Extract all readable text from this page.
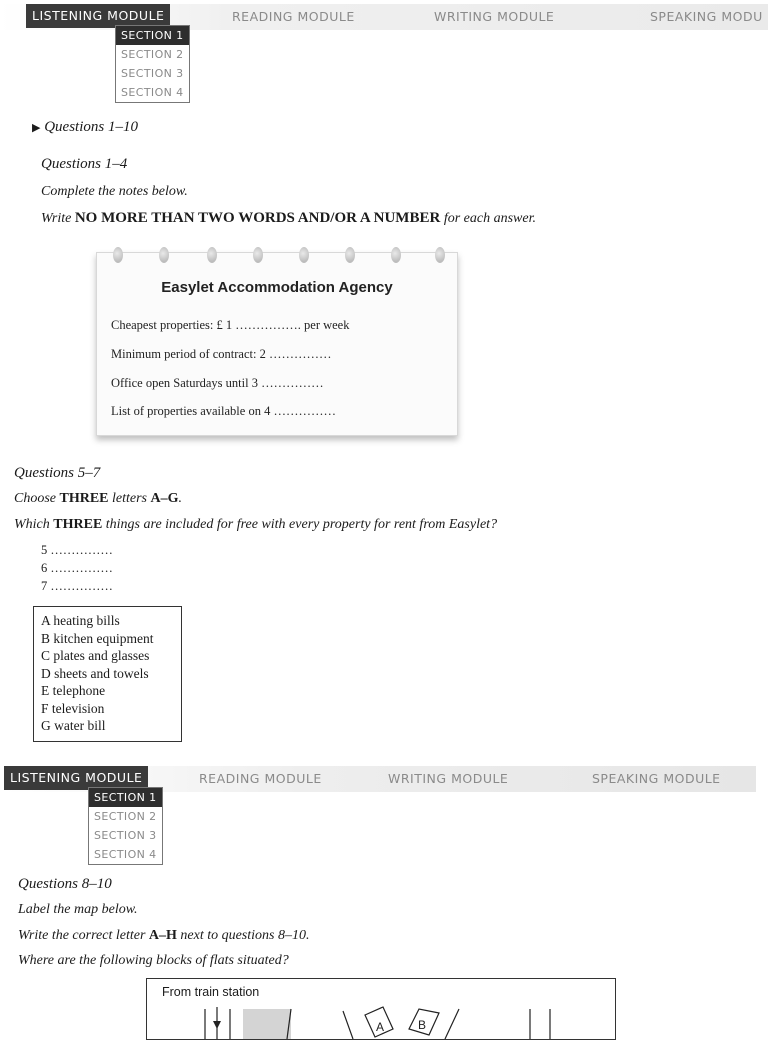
LISTENING MODULE	READING MODULE	WRITING MODULE	SPEAKING MODU
SECTION 1
SECTION 2
SECTION 3
SECTION 4
▶ Questions 1–10
Questions 1–4
Complete the notes below.
Write NO MORE THAN TWO WORDS AND/OR A NUMBER for each answer.
Easylet Accommodation Agency
Cheapest properties: £ 1 ……………. per week
Minimum period of contract: 2 ……………
Office open Saturdays until 3 ……………
List of properties available on 4 ……………
Questions 5–7
Choose THREE letters A–G.
Which THREE things are included for free with every property for rent from Easylet?
5 ……………
6 ……………
7 ……………
A heating bills
B kitchen equipment
C plates and glasses
D sheets and towels
E telephone
F television
G water bill
LISTENING MODULE	READING MODULE	WRITING MODULE	SPEAKING MODULE
SECTION 1
SECTION 2
SECTION 3
SECTION 4
Questions 8–10
Label the map below.
Write the correct letter A–H next to questions 8–10.
Where are the following blocks of flats situated?
From train station
A	B
